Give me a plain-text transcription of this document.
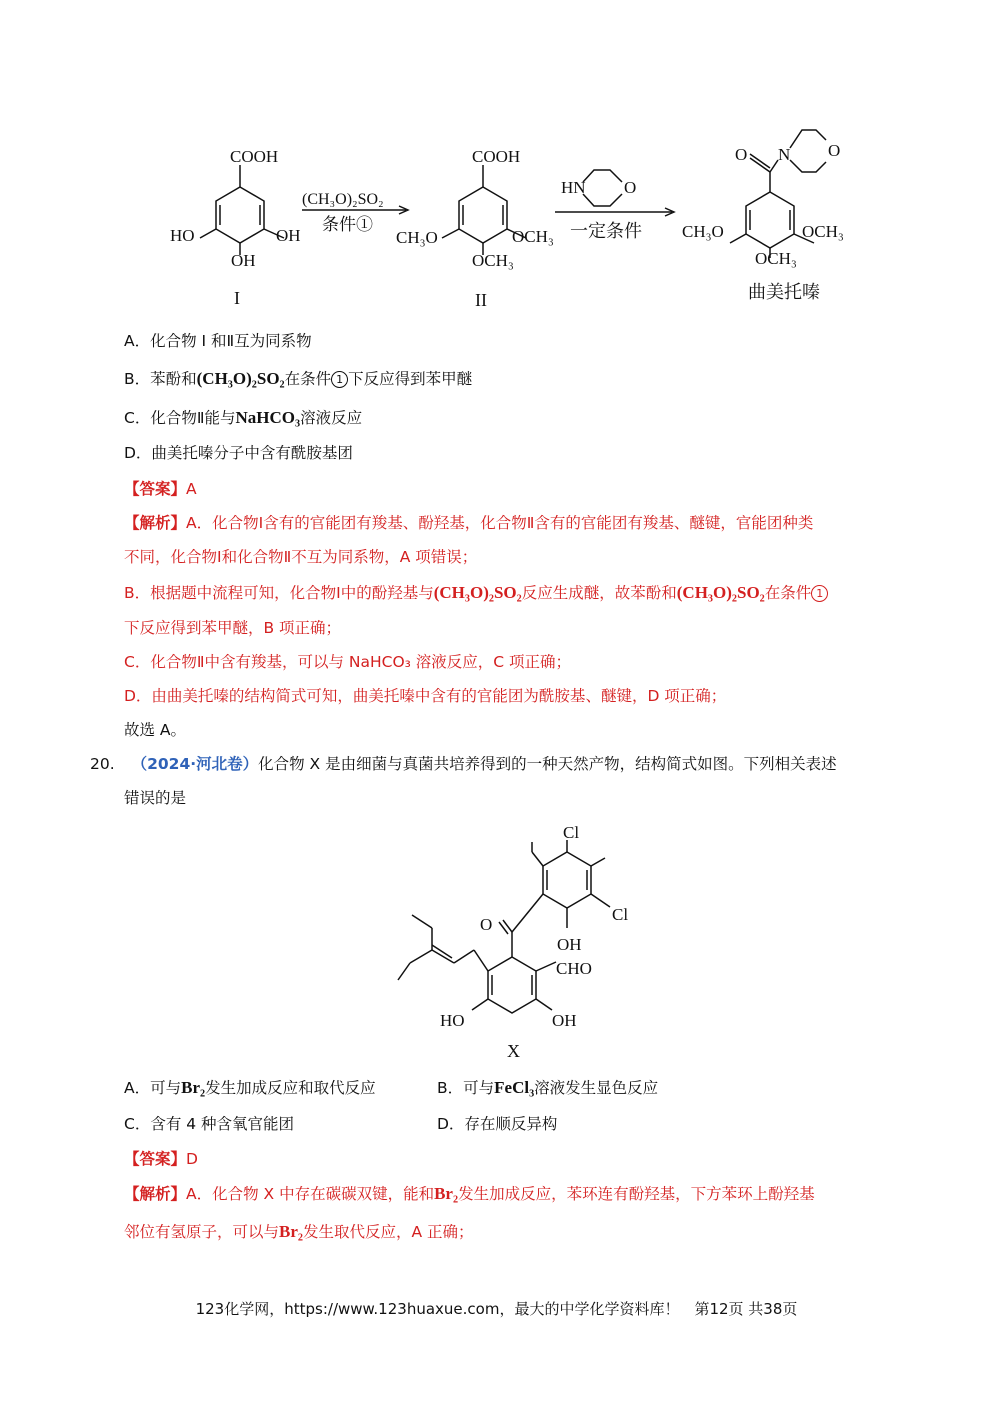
COOH
HO	OH
OH
I
(CH₃O)₂SO₂
条件①
COOH
CH₃O	OCH₃
OCH₃
II
HN O
一定条件
O N O
CH₃O	OCH₃
OCH₃
曲美托嗪
A．化合物 I 和Ⅱ互为同系物
B．苯酚和(CH₃O)₂SO₂在条件 1 下反应得到苯甲醚
C．化合物Ⅱ能与NaHCO₃溶液反应
D．曲美托嗪分子中含有酰胺基团
【答案】A
【解析】A．化合物Ⅰ含有的官能团有羧基、酚羟基，化合物Ⅱ含有的官能团有羧基、醚键，官能团种类
不同，化合物Ⅰ和化合物Ⅱ不互为同系物，A 项错误；
B．根据题中流程可知，化合物Ⅰ中的酚羟基与(CH₃O)₂SO₂反应生成醚，故苯酚和(CH₃O)₂SO₂在条件 1
下反应得到苯甲醚，B 项正确；
C．化合物Ⅱ中含有羧基，可以与 NaHCO₃ 溶液反应，C 项正确；
D．由曲美托嗪的结构简式可知，曲美托嗪中含有的官能团为酰胺基、醚键，D 项正确；
故选 A。
20. （2024·河北卷）化合物 X 是由细菌与真菌共培养得到的一种天然产物，结构简式如图。下列相关表述
错误的是
Cl
Cl
O
OH
CHO
HO	OH
X
A．可与Br₂发生加成反应和取代反应	B．可与FeCl₃溶液发生显色反应
C．含有 4 种含氧官能团	D．存在顺反异构
【答案】D
【解析】A．化合物 X 中存在碳碳双键，能和Br₂发生加成反应，苯环连有酚羟基，下方苯环上酚羟基
邻位有氢原子，可以与Br₂发生取代反应，A 正确；
123化学网，https://www.123huaxue.com，最大的中学化学资料库！　第12页 共38页
